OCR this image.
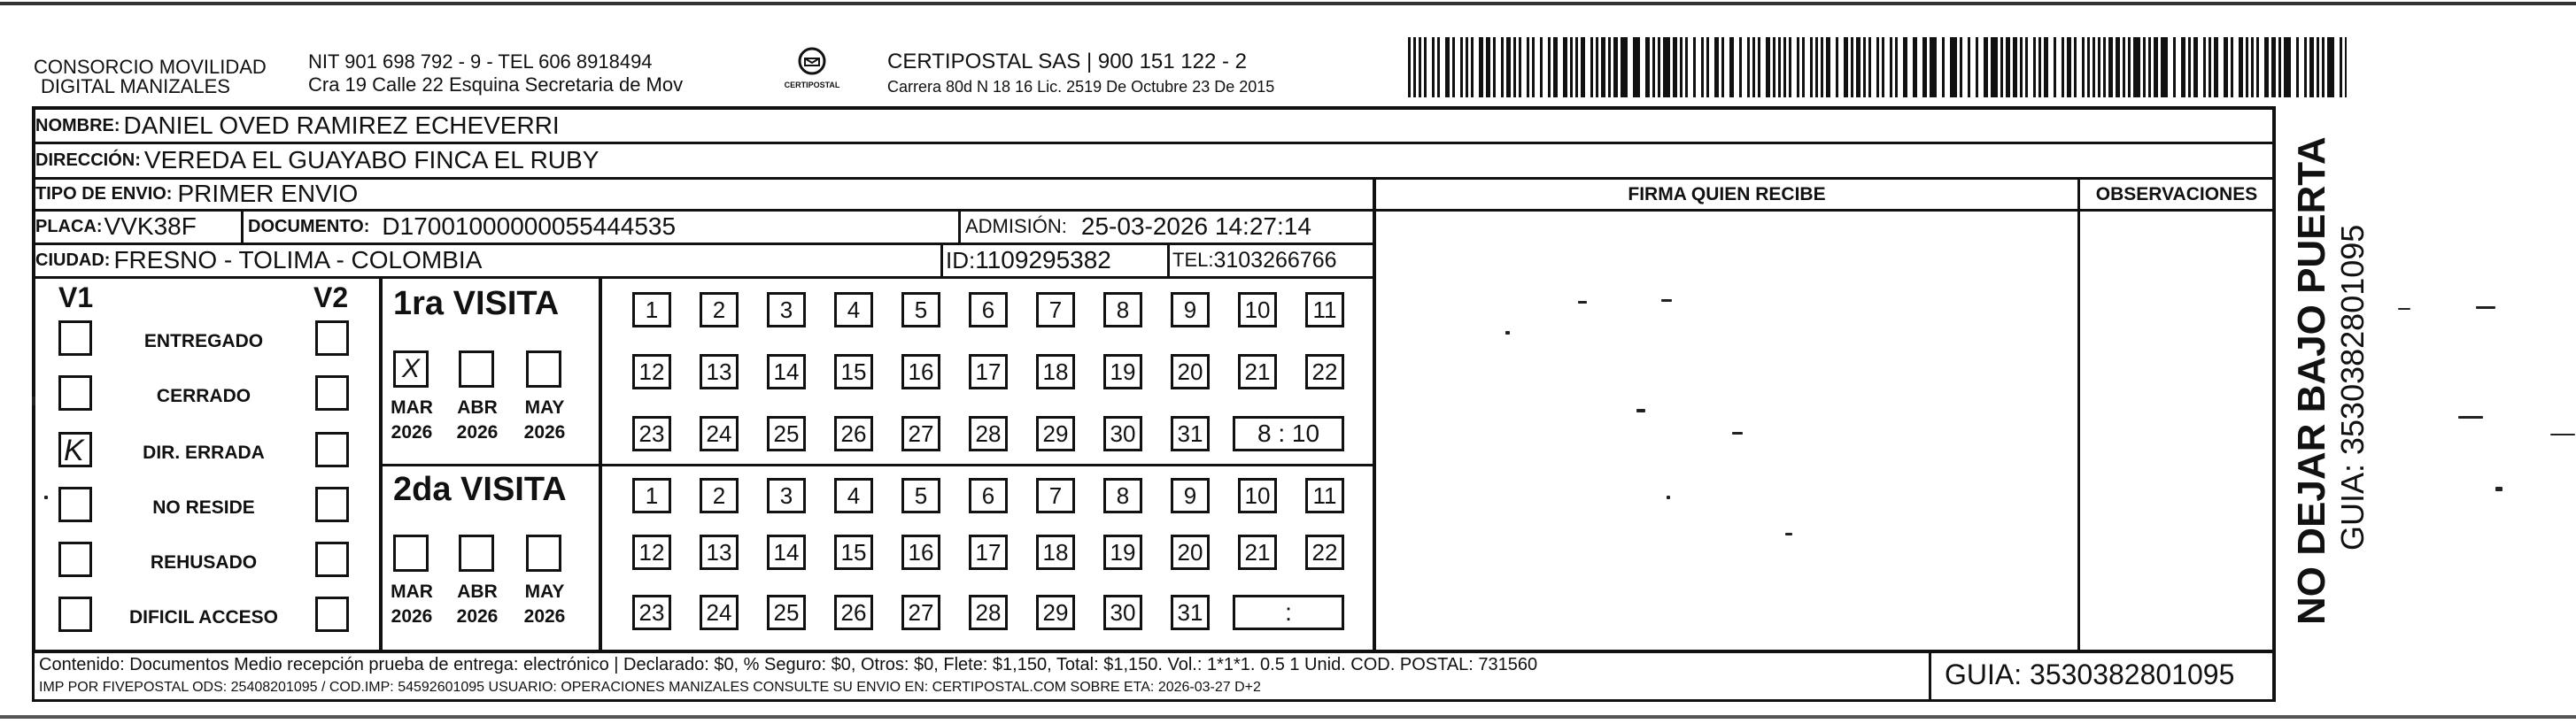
CONSORCIO MOVILIDAD
DIGITAL MANIZALES
NIT 901 698 792 - 9 - TEL 606 8918494
Cra 19 Calle 22 Esquina Secretaria de Mov	CERTIPOSTAL
CERTIPOSTAL SAS | 900 151 122 - 2
Carrera 80d N 18 16 Lic. 2519 De Octubre 23 De 2015
FIRMA QUIEN RECIBE	OBSERVACIONES
NOMBRE: DANIEL OVED RAMIREZ ECHEVERRI
DIRECCIÓN: VEREDA EL GUAYABO FINCA EL RUBY
TIPO DE ENVIO: PRIMER ENVIO
PLACA: VVK38F	DOCUMENTO: D17001000000055444535	ADMISIÓN: 25-03-2026 14:27:14
CIUDAD: FRESNO - TOLIMA - COLOMBIA	ID: 1109295382	TEL: 3103266766
V1	V2
ENTREGADO
CERRADO
DIR. ERRADA
K
NO RESIDE
REHUSADO
DIFICIL ACCESO
1ra VISITA
X
MAR
2026
ABR
2026
MAY
2026
1	2	3	4	5	6	7	8	9	10	11
12 13 14 15 16 17 18 19 20 21 22
23 24 25 26 27 28 29 30 31	8 : 10
2da VISITA
MAR
2026
ABR
2026
MAY
2026
1	2	3	4	5	6	7	8	9	10	11
12 13 14 15 16 17 18 19 20 21 22
23 24 25 26 27 28 29 30 31	:
Contenido: Documentos Medio recepción prueba de entrega: electrónico | Declarado: $0, % Seguro: $0, Otros: $0, Flete: $1,150, Total: $1,150. Vol.: 1*1*1. 0.5 1 Unid. COD. POSTAL: 731560
IMP POR FIVEPOSTAL ODS: 25408201095 / COD.IMP: 54592601095 USUARIO: OPERACIONES MANIZALES CONSULTE SU ENVIO EN: CERTIPOSTAL.COM SOBRE ETA: 2026-03-27 D+2	GUIA: 3530382801095
NO DEJAR BAJO PUERTA GUIA: 3530382801095
